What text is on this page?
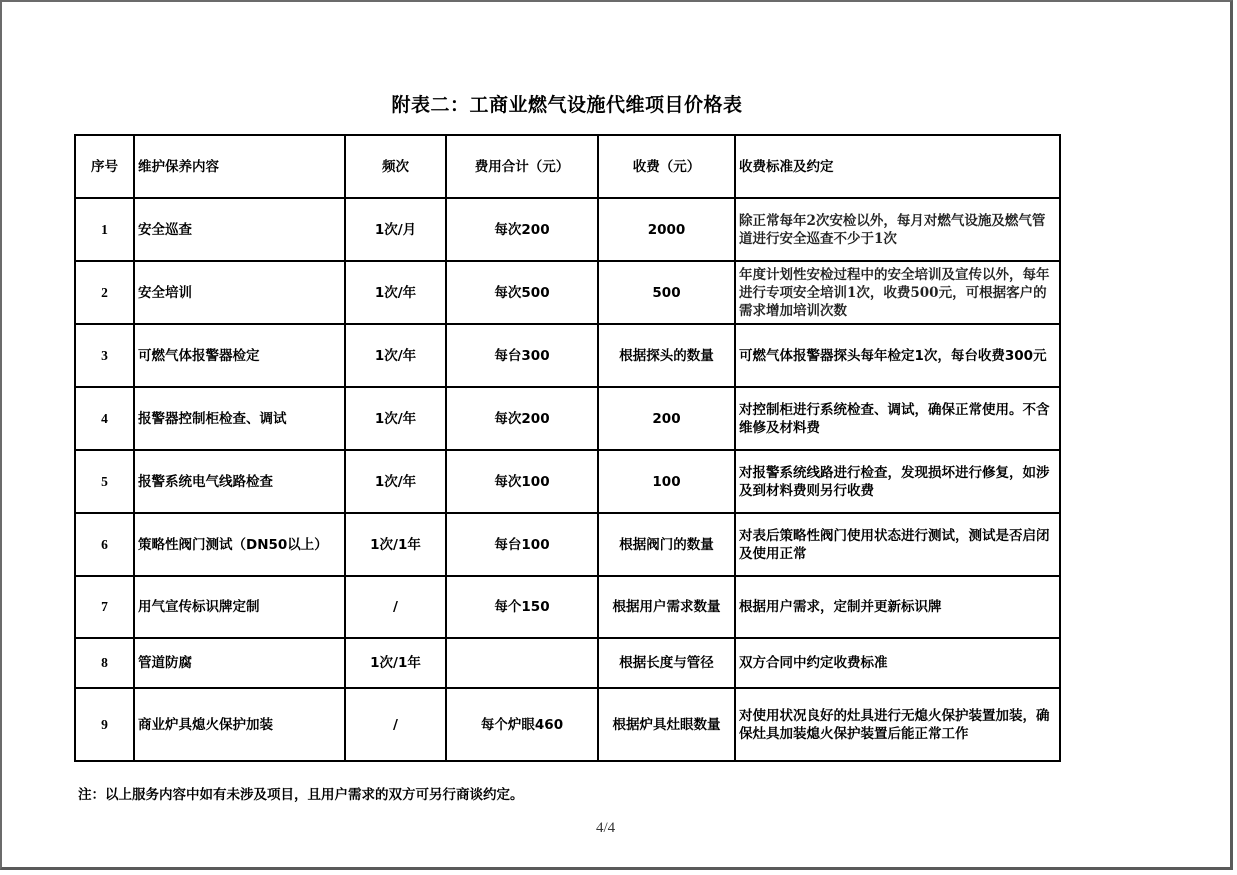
附表二：工商业燃气设施代维项目价格表
序号	维护保养内容	频次	费用合计（元）	收费（元）	收费标准及约定
1	安全巡查	1次/月	每次200	2000	除正常每年2次安检以外，每月对燃气设施及燃气管道进行安全巡查不少于1次
2	安全培训	1次/年	每次500	500	年度计划性安检过程中的安全培训及宣传以外，每年进行专项安全培训1次，收费500元，可根据客户的需求增加培训次数
3	可燃气体报警器检定	1次/年	每台300	根据探头的数量	可燃气体报警器探头每年检定1次，每台收费300元
4	报警器控制柜检查、调试	1次/年	每次200	200	对控制柜进行系统检查、调试，确保正常使用。不含维修及材料费
5	报警系统电气线路检查	1次/年	每次100	100	对报警系统线路进行检查，发现损坏进行修复，如涉及到材料费则另行收费
6	策略性阀门测试（DN50以上）	1次/1年	每台100	根据阀门的数量	对表后策略性阀门使用状态进行测试，测试是否启闭及使用正常
7	用气宣传标识牌定制	/	每个150	根据用户需求数量	根据用户需求，定制并更新标识牌
8	管道防腐	1次/1年		根据长度与管径	双方合同中约定收费标准
9	商业炉具熄火保护加装	/	每个炉眼460	根据炉具灶眼数量	对使用状况良好的灶具进行无熄火保护装置加装，确保灶具加装熄火保护装置后能正常工作
注：以上服务内容中如有未涉及项目，且用户需求的双方可另行商谈约定。
4/4
